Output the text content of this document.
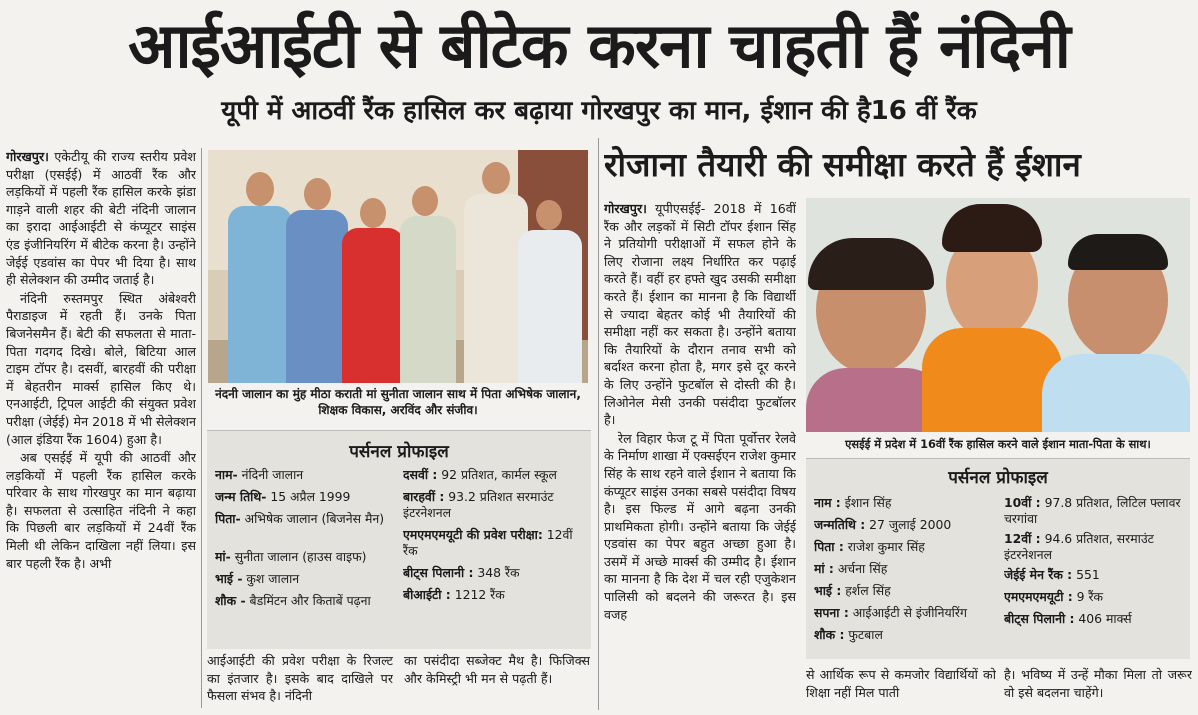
आईआईटी से बीटेक करना चाहती हैं नंदिनी
यूपी में आठवीं रैंक हासिल कर बढ़ाया गोरखपुर का मान, ईशान की है16 वीं रैंक

गोरखपुर। एकेटीयू की राज्य स्तरीय प्रवेश परीक्षा (एसईई) में आठवीं रैंक और लड़कियों में पहली रैंक हासिल करके झंडा गाड़ने वाली शहर की बेटी नंदिनी जालान का इरादा आईआईटी से कंप्यूटर साइंस एंड इंजीनियरिंग में बीटेक करना है। उन्होंने जेईई एडवांस का पेपर भी दिया है। साथ ही सेलेक्शन की उम्मीद जताई है।

नंदिनी रुस्तमपुर स्थित अंबेश्वरी पैराडाइज में रहती हैं। उनके पिता बिजनेसमैन हैं। बेटी की सफलता से माता-पिता गदगद दिखे। बोले, बिटिया आल टाइम टॉपर है। दसवीं, बारहवीं की परीक्षा में बेहतरीन मार्क्स हासिल किए थे। एनआईटी, ट्रिपल आईटी की संयुक्त प्रवेश परीक्षा (जेईई) मेन 2018 में भी सेलेक्शन (आल इंडिया रैंक 1604) हुआ है।

अब एसईई में यूपी की आठवीं और लड़कियों में पहली रैंक हासिल करके परिवार के साथ गोरखपुर का मान बढ़ाया है। सफलता से उत्साहित नंदिनी ने कहा कि पिछली बार लड़कियों में 24वीं रैंक मिली थी लेकिन दाखिला नहीं लिया। इस बार पहली रैंक है। अभी

नंदनी जालान का मुंह मीठा कराती मां सुनीता जालान साथ में पिता अभिषेक जालान, शिक्षक विकास, अरविंद और संजीव।
पर्सनल प्रोफाइल
नाम- नंदिनी जालान
जन्म तिथि- 15 अप्रैल 1999
पिता- अभिषेक जालान (बिजनेस मैन)
मां- सुनीता जालान (हाउस वाइफ)
भाई - कुश जालान
शौक - बैडमिंटन और किताबें पढ़ना
दसवीं : 92 प्रतिशत, कार्मल स्कूल
बारहवीं : 93.2 प्रतिशत सरमाउंट इंटरनेशनल
एमएमएमयूटी की प्रवेश परीक्षा: 12वीं रैंक
बीट्स पिलानी : 348 रैंक
बीआईटी : 1212 रैंक
आईआईटी की प्रवेश परीक्षा के रिजल्ट का इंतजार है। इसके बाद दाखिले पर फैसला संभव है। नंदिनी
का पसंदीदा सब्जेक्ट मैथ है। फिजिक्स और केमिस्ट्री भी मन से पढ़ती हैं।
रोजाना तैयारी की समीक्षा करते हैं ईशान

गोरखपुर। यूपीएसईई- 2018 में 16वीं रैंक और लड़कों में सिटी टॉपर ईशान सिंह ने प्रतियोगी परीक्षाओं में सफल होने के लिए रोजाना लक्ष्य निर्धारित कर पढ़ाई करते हैं। वहीं हर हफ्ते खुद उसकी समीक्षा करते हैं। ईशान का मानना है कि विद्यार्थी से ज्यादा बेहतर कोई भी तैयारियों की समीक्षा नहीं कर सकता है। उन्होंने बताया कि तैयारियों के दौरान तनाव सभी को बर्दाश्त करना होता है, मगर इसे दूर करने के लिए उन्होंने फुटबॉल से दोस्ती की है। लिओनेल मेसी उनकी पसंदीदा फुटबॉलर है।

रेल विहार फेज टू में पिता पूर्वोत्तर रेलवे के निर्माण शाखा में एक्सईएन राजेश कुमार सिंह के साथ रहने वाले ईशान ने बताया कि कंप्यूटर साइंस उनका सबसे पसंदीदा विषय है। इस फिल्ड में आगे बढ़ना उनकी प्राथमिकता होगी। उन्होंने बताया कि जेईई एडवांस का पेपर बहुत अच्छा हुआ है। उसमें में अच्छे मार्क्स की उम्मीद है। ईशान का मानना है कि देश में चल रही एजुकेशन पालिसी को बदलने की जरूरत है। इस वजह

एसईई में प्रदेश में 16वीं रैंक हासिल करने वाले ईशान माता-पिता के साथ।
पर्सनल प्रोफाइल
नाम : ईशान सिंह
जन्मतिथि : 27 जुलाई 2000
पिता : राजेश कुमार सिंह
मां : अर्चना सिंह
भाई : हर्शल सिंह
सपना : आईआईटी से इंजीनियरिंग
शौक : फुटबाल
10वीं : 97.8 प्रतिशत, लिटिल फ्लावर चरगांवा
12वीं : 94.6 प्रतिशत, सरमाउंट इंटरनेशनल
जेईई मेन रैंक : 551
एमएमएमयूटी : 9 रैंक
बीट्स पिलानी : 406 मार्क्स
से आर्थिक रूप से कमजोर विद्यार्थियों को शिक्षा नहीं मिल पाती
है। भविष्य में उन्हें मौका मिला तो जरूर वो इसे बदलना चाहेंगे।
